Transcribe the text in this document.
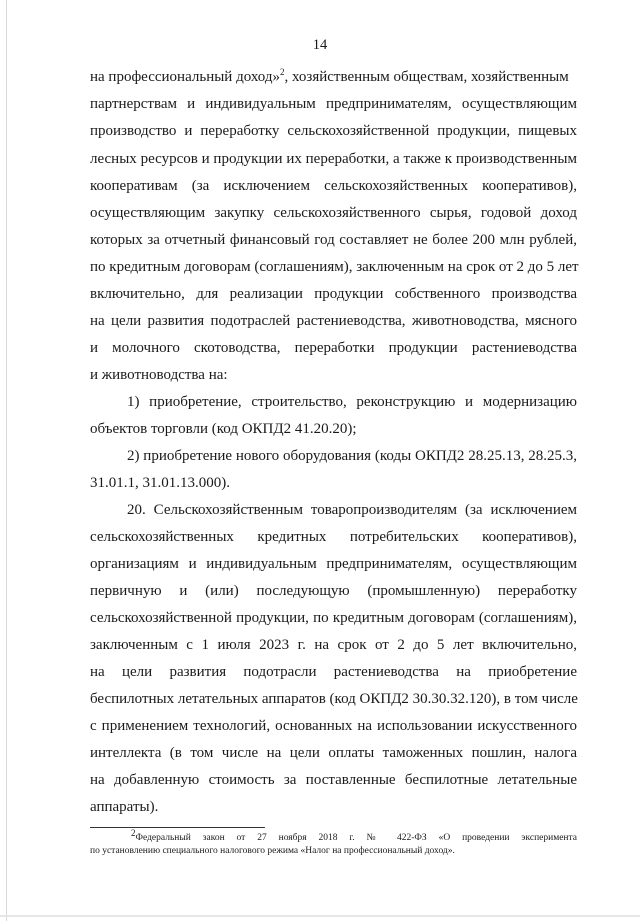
14
на профессиональный доход»$^2$, хозяйственным обществам, хозяйственным
партнерствам и индивидуальным предпринимателям, осуществляющим
производство и переработку сельскохозяйственной продукции, пищевых
лесных ресурсов и продукции их переработки, а также к производственным
кооперативам (за исключением сельскохозяйственных кооперативов),
осуществляющим закупку сельскохозяйственного сырья, годовой доход
которых за отчетный финансовый год составляет не более 200 млн рублей,
по кредитным договорам (соглашениям), заключенным на срок от 2 до 5 лет
включительно, для реализации продукции собственного производства
на цели развития подотраслей растениеводства, животноводства, мясного
и молочного скотоводства, переработки продукции растениеводства
и животноводства на:
1) приобретение, строительство, реконструкцию и модернизацию
объектов торговли (код ОКПД2 41.20.20);
2) приобретение нового оборудования (коды ОКПД2 28.25.13, 28.25.3,
31.01.1, 31.01.13.000).
20. Сельскохозяйственным товаропроизводителям (за исключением
сельскохозяйственных кредитных потребительских кооперативов),
организациям и индивидуальным предпринимателям, осуществляющим
первичную и (или) последующую (промышленную) переработку
сельскохозяйственной продукции, по кредитным договорам (соглашениям),
заключенным с 1 июля 2023 г. на срок от 2 до 5 лет включительно,
на цели развития подотрасли растениеводства на приобретение
беспилотных летательных аппаратов (код ОКПД2 30.30.32.120), в том числе
с применением технологий, основанных на использовании искусственного
интеллекта (в том числе на цели оплаты таможенных пошлин, налога
на добавленную стоимость за поставленные беспилотные летательные
аппараты).
2Федеральный закон от 27 ноября 2018 г. № 422-ФЗ «О проведении эксперимента
по установлению специального налогового режима «Налог на профессиональный доход».
